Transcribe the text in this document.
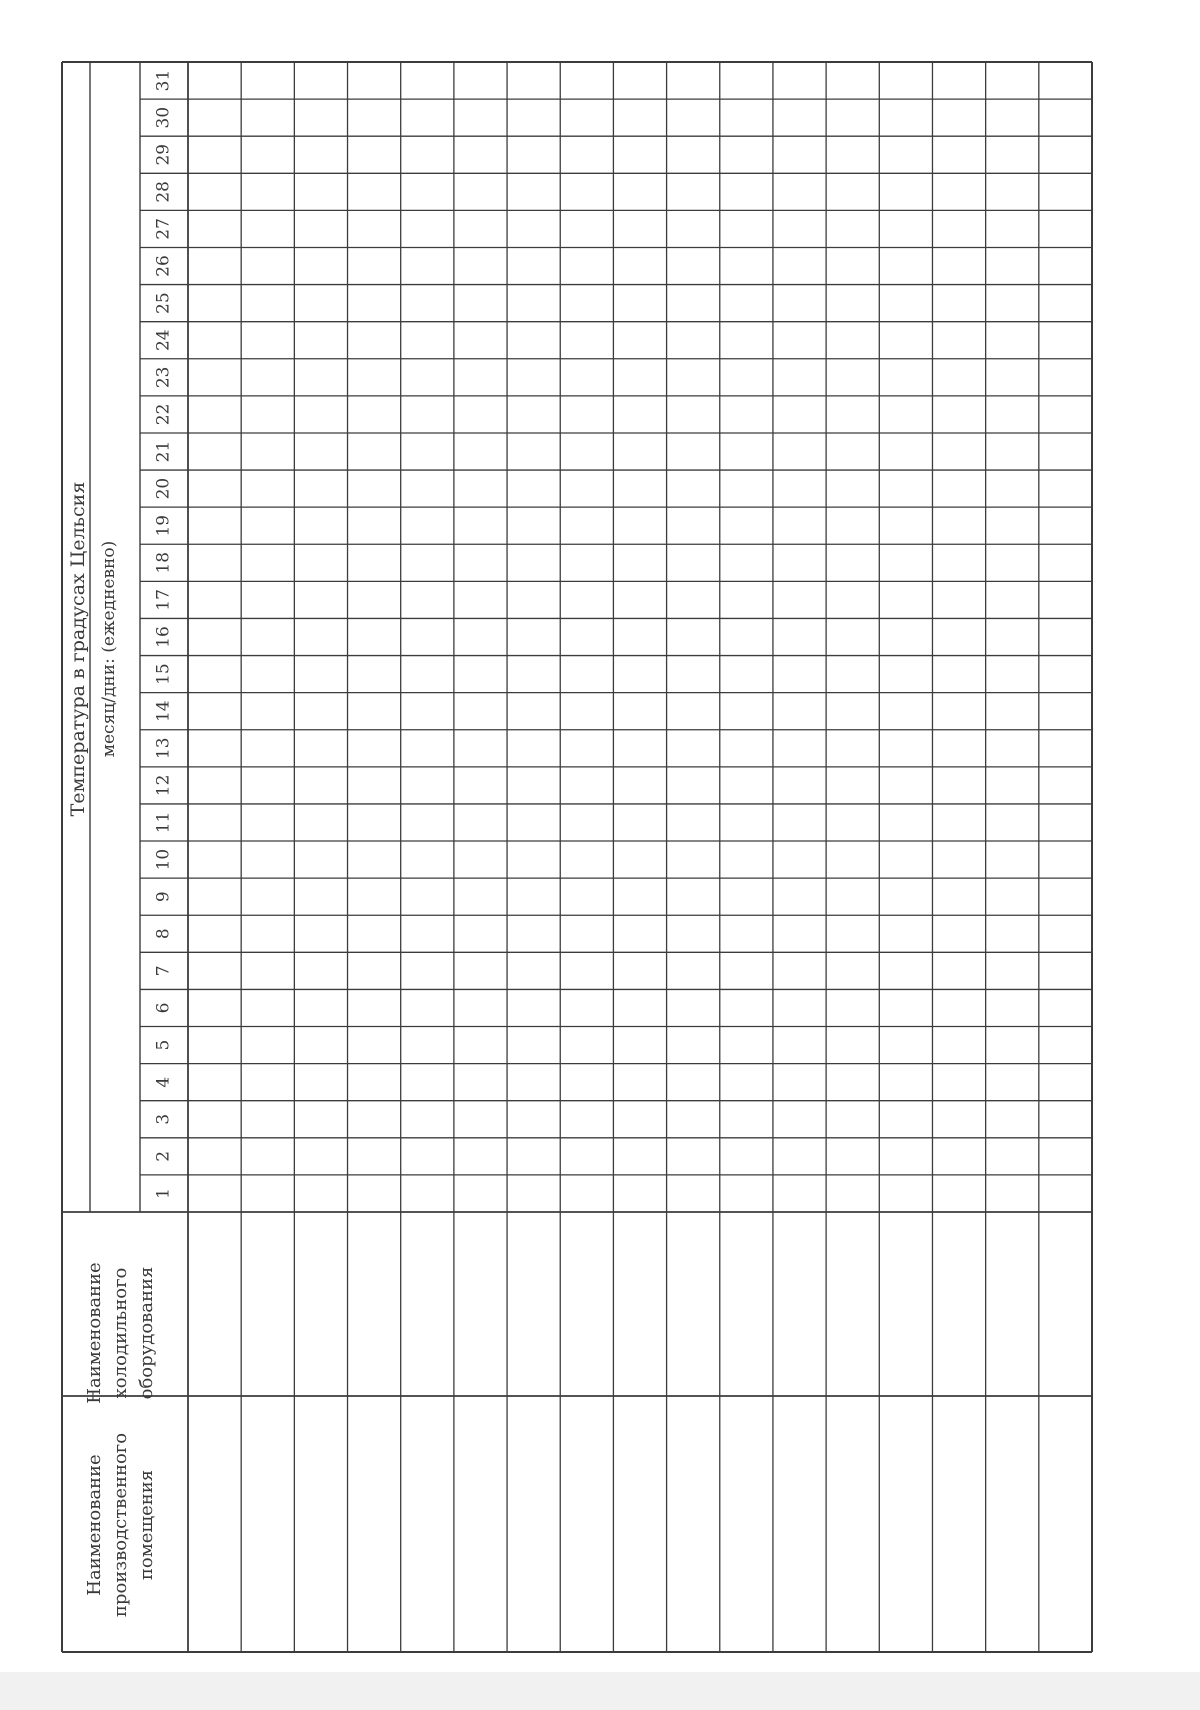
Наименование производственного помещения
Наименование холодильного оборудования
Температура в градусах Цельсия месяц/дни: (ежедневно)
1
2
3
4
5
6
7
8
9
10
11
12
13
14
15
16
17
18
19
20
21
22
23
24
25
26
27
28
29
30
31
